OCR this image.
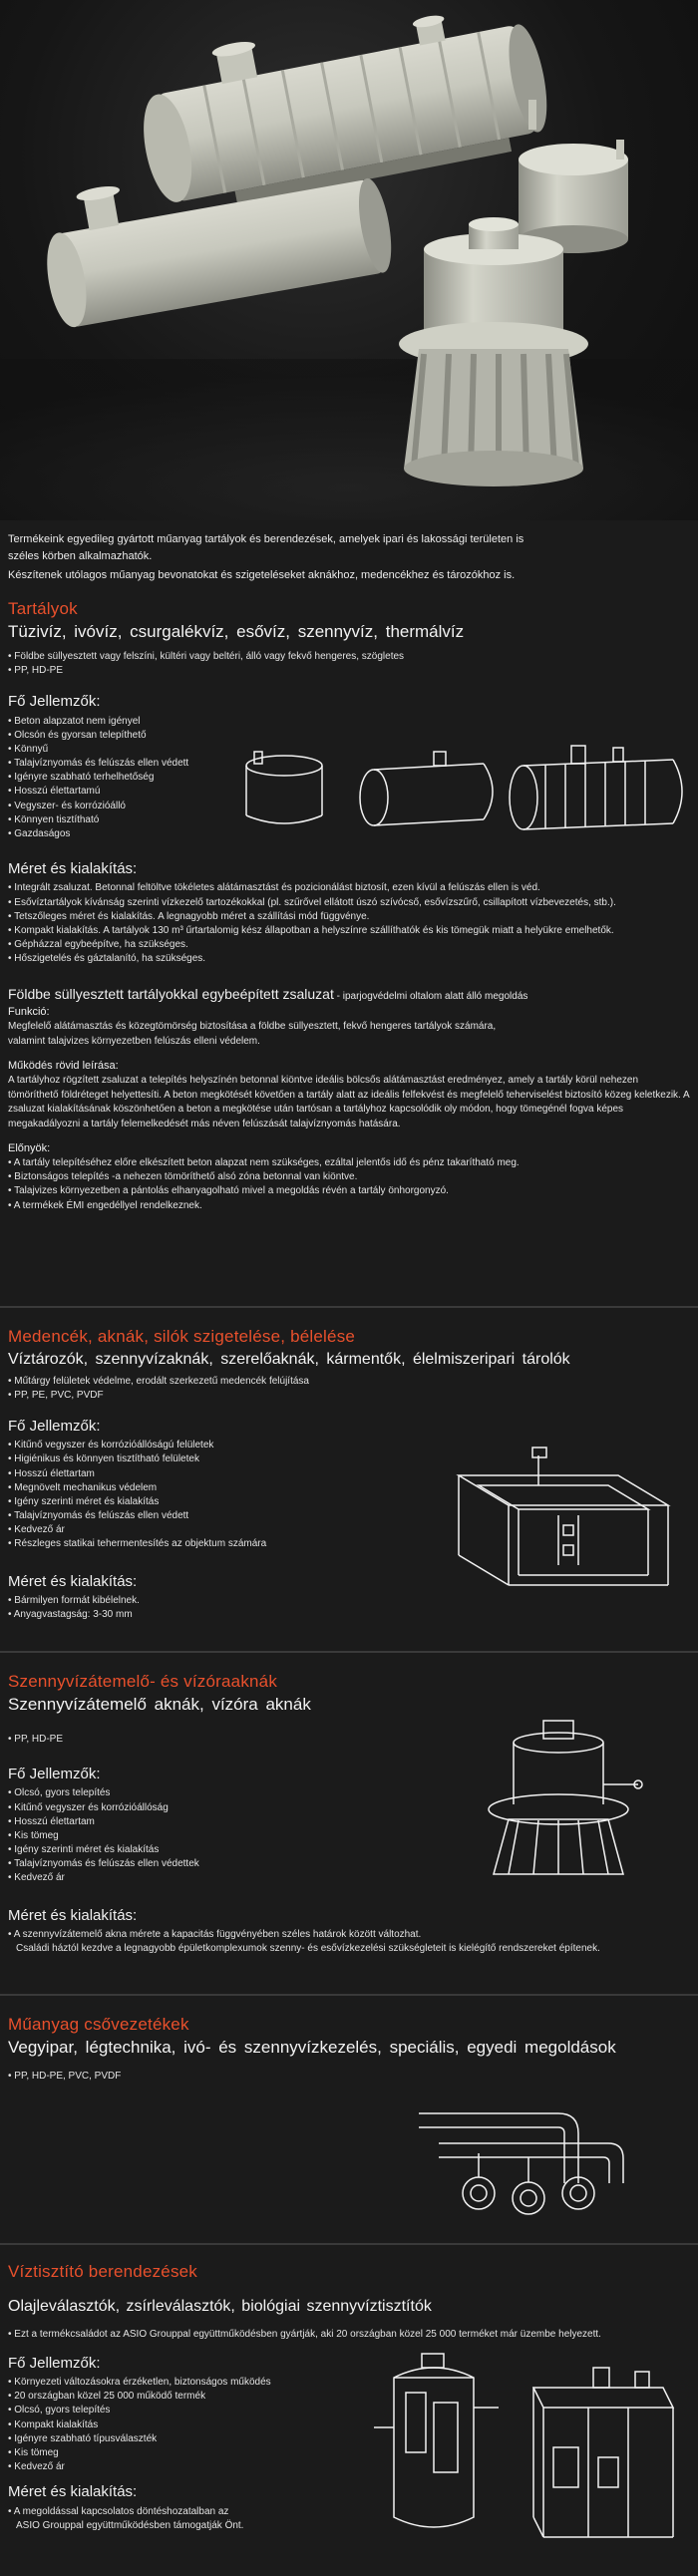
Termékeink egyedileg gyártott műanyag tartályok és berendezések, amelyek ipari és lakossági területen is

széles körben alkalmazhatók.

Készítenek utólagos műanyag bevonatokat és szigeteléseket aknákhoz, medencékhez és tározókhoz is.

Tartályok
Tüzivíz, ivóvíz, csurgalékvíz, esővíz, szennyvíz, thermálvíz
• Földbe süllyesztett vagy felszíni, kültéri vagy beltéri, álló vagy fekvő hengeres, szögletes
• PP, HD-PE
Fő Jellemzők:
• Beton alapzatot nem igényel
• Olcsón és gyorsan telepíthető
• Könnyű
• Talajvíznyomás és felúszás ellen védett
• Igényre szabható terhelhetőség
• Hosszú élettartamú
• Vegyszer- és korrózióálló
• Könnyen tisztítható
• Gazdaságos
Méret és kialakítás:
• Integrált zsaluzat. Betonnal feltöltve tökéletes alátámasztást és pozicionálást biztosít, ezen kívül a felúszás ellen is véd.
• Esővíztartályok kívánság szerinti vízkezelő tartozékokkal (pl. szűrővel ellátott úszó szívócső, esővízszűrő, csillapított vízbevezetés, stb.).
• Tetszőleges méret és kialakítás. A legnagyobb méret a szállítási mód függvénye.
• Kompakt kialakítás. A tartályok 130 m³ űrtartalomig kész állapotban a helyszínre szállíthatók és kis tömegük miatt a helyükre emelhetők.
• Gépházzal egybeépítve, ha szükséges.
• Hőszigetelés és gáztalanító, ha szükséges.
Földbe süllyesztett tartályokkal egybeépített zsaluzat - iparjogvédelmi oltalom alatt álló megoldás
Funkció:
Megfelelő alátámasztás és közegtömörség biztosítása a földbe süllyesztett, fekvő hengeres tartályok számára,
valamint talajvizes környezetben felúszás elleni védelem.
Működés rövid leírása:
A tartályhoz rögzített zsaluzat a telepítés helyszínén betonnal kiöntve ideális bölcsős alátámasztást eredményez, amely a tartály körül nehezen tömöríthető földréteget helyettesíti. A beton megkötését követően a tartály alatt az ideális felfekvést és megfelelő teherviselést biztosító közeg keletkezik. A zsaluzat kialakításának köszönhetően a beton a megkötése után tartósan a tartályhoz kapcsolódik oly módon, hogy tömegénél fogva képes megakadályozni a tartály felemelkedését más néven felúszását talajvíznyomás hatására.
Előnyök:
• A tartály telepítéséhez előre elkészített beton alapzat nem szükséges, ezáltal jelentős idő és pénz takarítható meg.
• Biztonságos telepítés -a nehezen tömöríthető alsó zóna betonnal van kiöntve.
• Talajvizes környezetben a pántolás elhanyagolható mivel a megoldás révén a tartály önhorgonyzó.
• A termékek ÉMI engedéllyel rendelkeznek.
Medencék, aknák, silók szigetelése, bélelése
Víztározók, szennyvízaknák, szerelőaknák, kármentők, élelmiszeripari tárolók
• Műtárgy felületek védelme, erodált szerkezetű medencék felújítása
• PP, PE, PVC, PVDF
Fő Jellemzők:
• Kitűnő vegyszer és korrózióállóságú felületek
• Higiénikus és könnyen tisztítható felületek
• Hosszú élettartam
• Megnövelt mechanikus védelem
• Igény szerinti méret és kialakítás
• Talajvíznyomás és felúszás ellen védett
• Kedvező ár
• Részleges statikai tehermentesítés az objektum számára
Méret és kialakítás:
• Bármilyen formát kibélelnek.
• Anyagvastagság: 3-30 mm
Szennyvízátemelő- és vízóraaknák
Szennyvízátemelő aknák, vízóra aknák
• PP, HD-PE
Fő Jellemzők:
• Olcsó, gyors telepítés
• Kitűnő vegyszer és korrózióállóság
• Hosszú élettartam
• Kis tömeg
• Igény szerinti méret és kialakítás
• Talajvíznyomás és felúszás ellen védettek
• Kedvező ár
Méret és kialakítás:
• A szennyvízátemelő akna mérete a kapacitás függvényében széles határok között változhat.
Családi háztól kezdve a legnagyobb épületkomplexumok szenny- és esővízkezelési szükségleteit is kielégítő rendszereket építenek.
Műanyag csővezetékek
Vegyipar, légtechnika, ivó- és szennyvízkezelés, speciális, egyedi megoldások
• PP, HD-PE, PVC, PVDF
Víztisztító berendezések
Olajleválasztók, zsírleválasztók, biológiai szennyvíztisztítók
• Ezt a termékcsaládot az ASIO Grouppal együttműködésben gyártják, aki 20 országban közel 25 000 terméket már üzembe helyezett.
Fő Jellemzők:
• Környezeti változásokra érzéketlen, biztonságos működés
• 20 országban közel 25 000 működő termék
• Olcsó, gyors telepítés
• Kompakt kialakítás
• Igényre szabható típusválaszték
• Kis tömeg
• Kedvező ár
Méret és kialakítás:
• A megoldással kapcsolatos döntéshozatalban az
ASIO Grouppal együttműködésben támogatják Önt.
